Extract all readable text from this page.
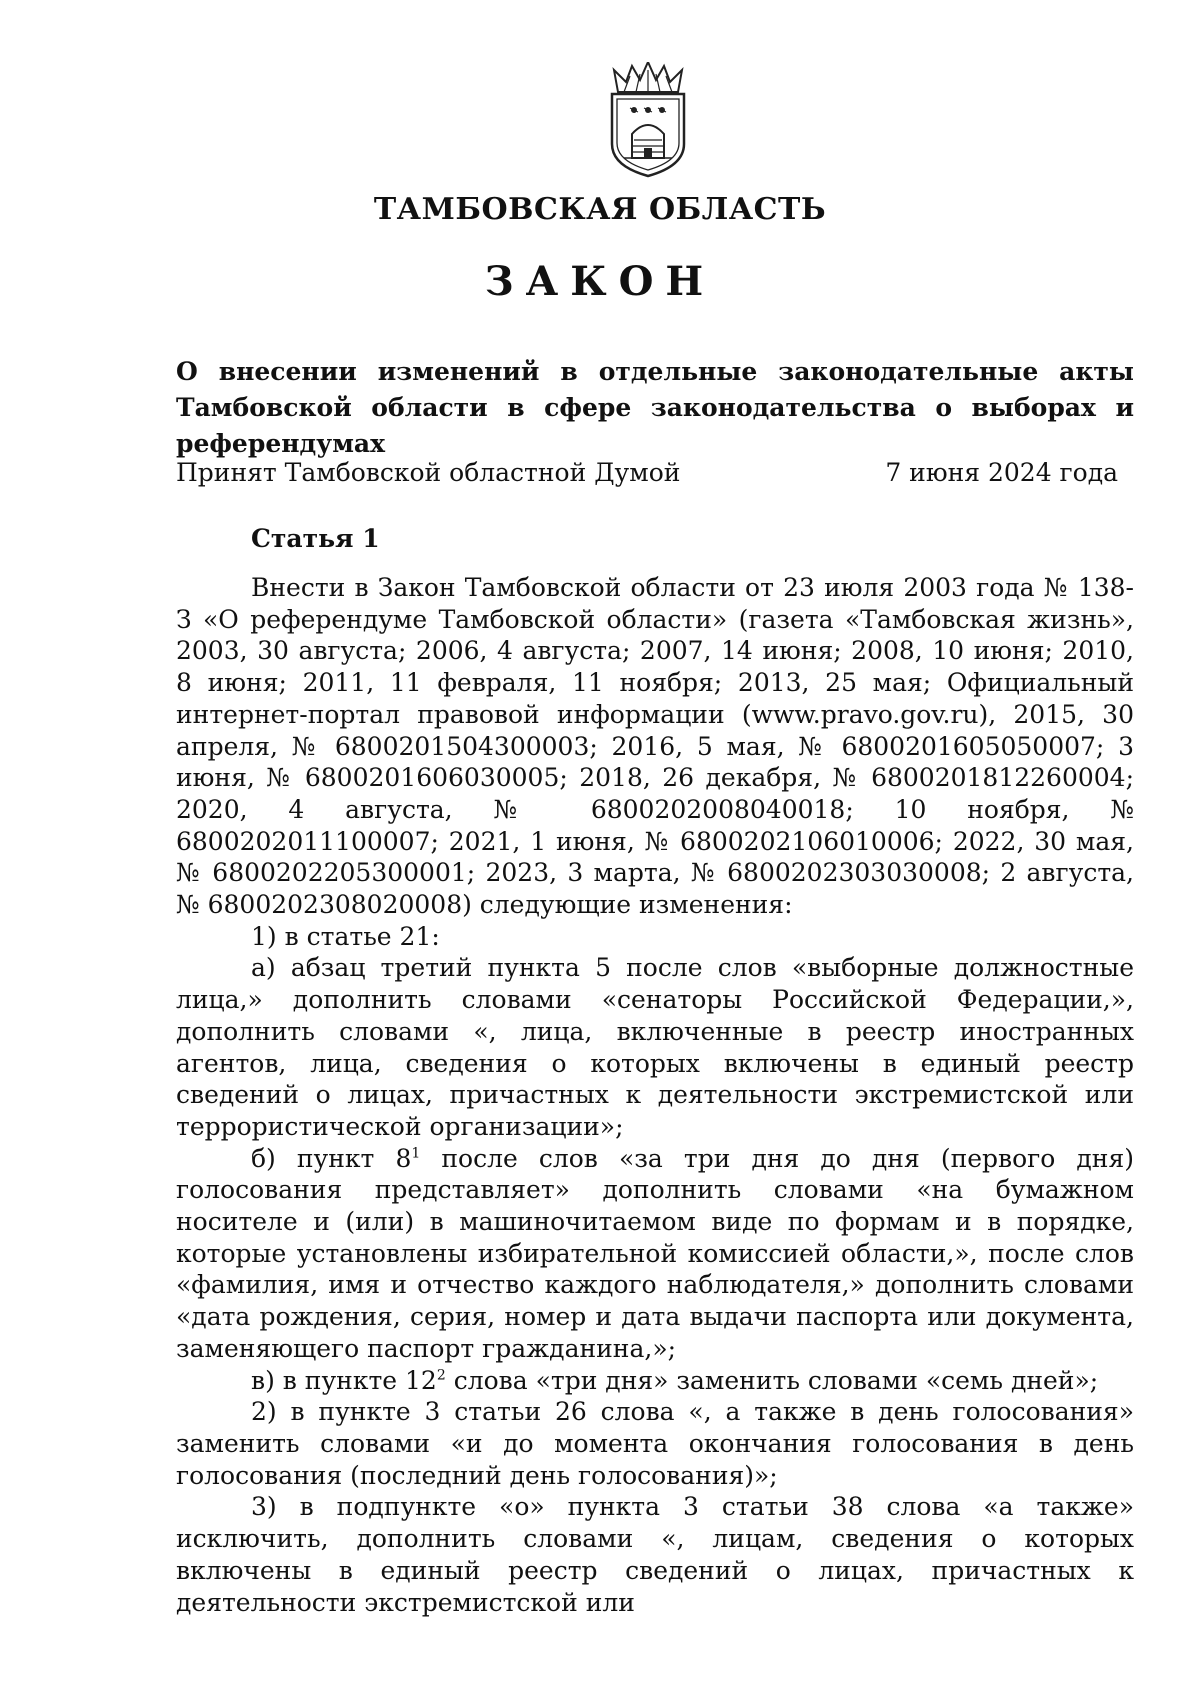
ТАМБОВСКАЯ ОБЛАСТЬ
ЗАКОН
О внесении изменений в отдельные законодательные акты Тамбовской области в сфере законодательства о выборах и референдумах
Принят Тамбовской областной Думой	7 июня 2024 года
Статья 1

Внести в Закон Тамбовской области от 23 июля 2003 года № 138-З «О референдуме Тамбовской области» (газета «Тамбовская жизнь», 2003, 30 августа; 2006, 4 августа; 2007, 14 июня; 2008, 10 июня; 2010, 8 июня; 2011, 11 февраля, 11 ноября; 2013, 25 мая; Официальный интернет-портал правовой информации (www.pravo.gov.ru), 2015, 30 апреля, № 6800201504300003; 2016, 5 мая, № 6800201605050007; 3 июня, № 6800201606030005; 2018, 26 декабря, № 6800201812260004; 2020, 4 августа, № 6800202008040018; 10 ноября, № 6800202011100007; 2021, 1 июня, № 6800202106010006; 2022, 30 мая, № 6800202205300001; 2023, 3 марта, № 6800202303030008; 2 августа, № 6800202308020008) следующие изменения:

1) в статье 21:

а) абзац третий пункта 5 после слов «выборные должностные лица,» дополнить словами «сенаторы Российской Федерации,», дополнить словами «, лица, включенные в реестр иностранных агентов, лица, сведения о которых включены в единый реестр сведений о лицах, причастных к деятельности экстремистской или террористической организации»;

б) пункт $8^1$ после слов «за три дня до дня (первого дня) голосования представляет» дополнить словами «на бумажном носителе и (или) в машиночитаемом виде по формам и в порядке, которые установлены избирательной комиссией области,», после слов «фамилия, имя и отчество каждого наблюдателя,» дополнить словами «дата рождения, серия, номер и дата выдачи паспорта или документа, заменяющего паспорт гражданина,»;

в) в пункте $12^2$ слова «три дня» заменить словами «семь дней»;

2) в пункте 3 статьи 26 слова «, а также в день голосования» заменить словами «и до момента окончания голосования в день голосования (последний день голосования)»;

3) в подпункте «о» пункта 3 статьи 38 слова «а также» исключить, дополнить словами «, лицам, сведения о которых включены в единый реестр сведений о лицах, причастных к деятельности экстремистской или
